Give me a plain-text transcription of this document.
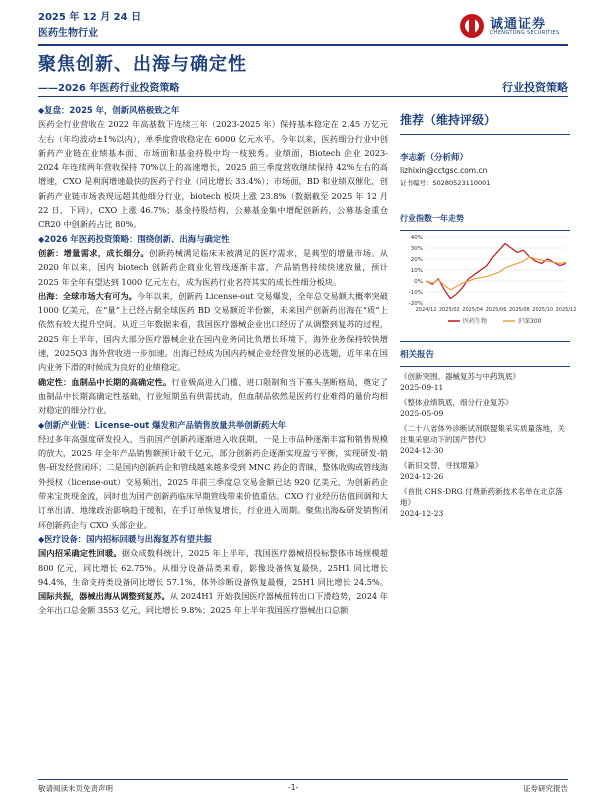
2025 年 12 月 24 日
医药生物行业
诚通证券
CHENGTONG SECURITIES
聚焦创新、出海与确定性
——2026 年医药行业投资策略	行业投资策略

◆复盘：2025 年，创新风格极致之年

医药全行业营收在 2022 年高基数下连续三年（2023-2025 年）保持基本稳定在 2.45 万亿元左右（年均波动±1%以内），单季度营收稳定在 6000 亿元水平。今年以来，医药细分行业中创新药产业链在业绩基本面、市场面和基金持股中均一枝独秀。业绩面，Biotech 企业 2023-2024 年连续两年营收保持 70%以上的高速增长，2025 前三季度营收继续保持 42%左右的高增速，CXO 是利润增速最快的医药子行业（同比增长 33.4%）；市场面，BD 和业绩双催化，创新药产业链市场表现远超其他细分行业，biotech 板块上涨 23.8%（数据截至 2025 年 12 月 22 日，下同），CXO 上涨 46.7%；基金持股结构，公募基金集中增配创新药，公募基金重仓 CR20 中创新药占比 80%。

◆2026 年医药投资策略：围绕创新、出海与确定性

创新：增量需求，成长细分。创新药械满足临床未被满足的医疗需求，是典型的增量市场。从 2020 年以来，国内 biotech 创新药企商业化管线逐渐丰富，产品销售持续快速放量，预计 2025 年全年有望达到 1000 亿元左右，成为医药行业名符其实的成长性细分板块。

出海：全球市场大有可为。今年以来，创新药 License-out 交易爆发，全年总交易额大概率突破 1000 亿美元，在“量”上已经占据全球医药 BD 交易额近半份额，未来国产创新药出海在“质”上依然有较大提升空间。从近三年数据来看，我国医疗器械企业出口经历了从调整到复苏的过程，2025 年上半年，国内大部分医疗器械企业在国内业务同比负增长环境下，海外业务保持较快增速，2025Q3 海外营收进一步加速。出海已经成为国内药械企业经营发展的必选题，近年来在国内业务下滑的时候成为良好的业绩稳定。

确定性：血制品中长期的高确定性。行业极高进入门槛、进口限制和当下寡头垄断格局，奠定了血制品中长期高确定性基础，行业短期虽有供需扰动，但血制品依然是医药行业难得的量价均相对稳定的细分行业。

◆创新产业链：License-out 爆发和产品销售放量共举创新药大年

经过多年高强度研发投入，当前国产创新药逐渐进入收获期，一是上市品种逐渐丰富和销售规模的放大，2025 年全年产品销售额预计破千亿元，部分创新药企逐渐实现盈亏平衡，实现研发-销售-研发经营闭环；二是国内创新药企和管线越来越多受到 MNC 药企的青睐，整体收购或管线海外授权（license-out）交易频出，2025 年前三季度总交易金额已达 920 亿美元，为创新药企带来宝贵现金流，同时也为国产创新药临床早期管线带来价值重估。CXO 行业经历估值回调和大订单出清、地缘政治影响趋于缓和，在手订单恢复增长，行业进入周期。聚焦出海&研发销售闭环创新药企与 CXO 头部企业。

◆医疗设备：国内招标回暖与出海复苏有望共振

国内招采确定性回暖。据众成数科统计，2025 年上半年，我国医疗器械招投标整体市场规模超 800 亿元，同比增长 62.75%。从细分设备品类来看，影像设备恢复最快，25H1 同比增长 94.4%，生命支持类设备同比增长 57.1%，体外诊断设备恢复最慢，25H1 同比增长 24.5%。国际共振，器械出海从调整到复苏。从 2024H1 开始我国医疗器械扭转出口下滑趋势，2024 年全年出口总金额 3553 亿元，同比增长 9.8%；2025 年上半年我国医疗器械出口总额

推荐（维持评级）
李志新（分析师）
lizhixin@cctgsc.com.cn
证书编号：S0280523110001
行业指数一年走势
-20%
-10%
0%
10%
20%
30%
40%
2024/12 2025/02 2025/04 2025/06 2025/08 2025/10 2025/12
医药生物	沪深300
相关报告
《创新突围、器械复苏与中药筑底》
2025-09-11
《整体业绩筑底，细分行业复苏》
2025-05-09
《二十八省体外诊断试剂联盟集采实质量落地，关注集采驱动下的国产替代》
2024-12-30
《新旧交替，寻找增量》
2024-12-26
《首批 CHS-DRG 付费新药新技术名单在北京落地》
2024-12-23
敬请阅读末页免责声明	-1-	证券研究报告
